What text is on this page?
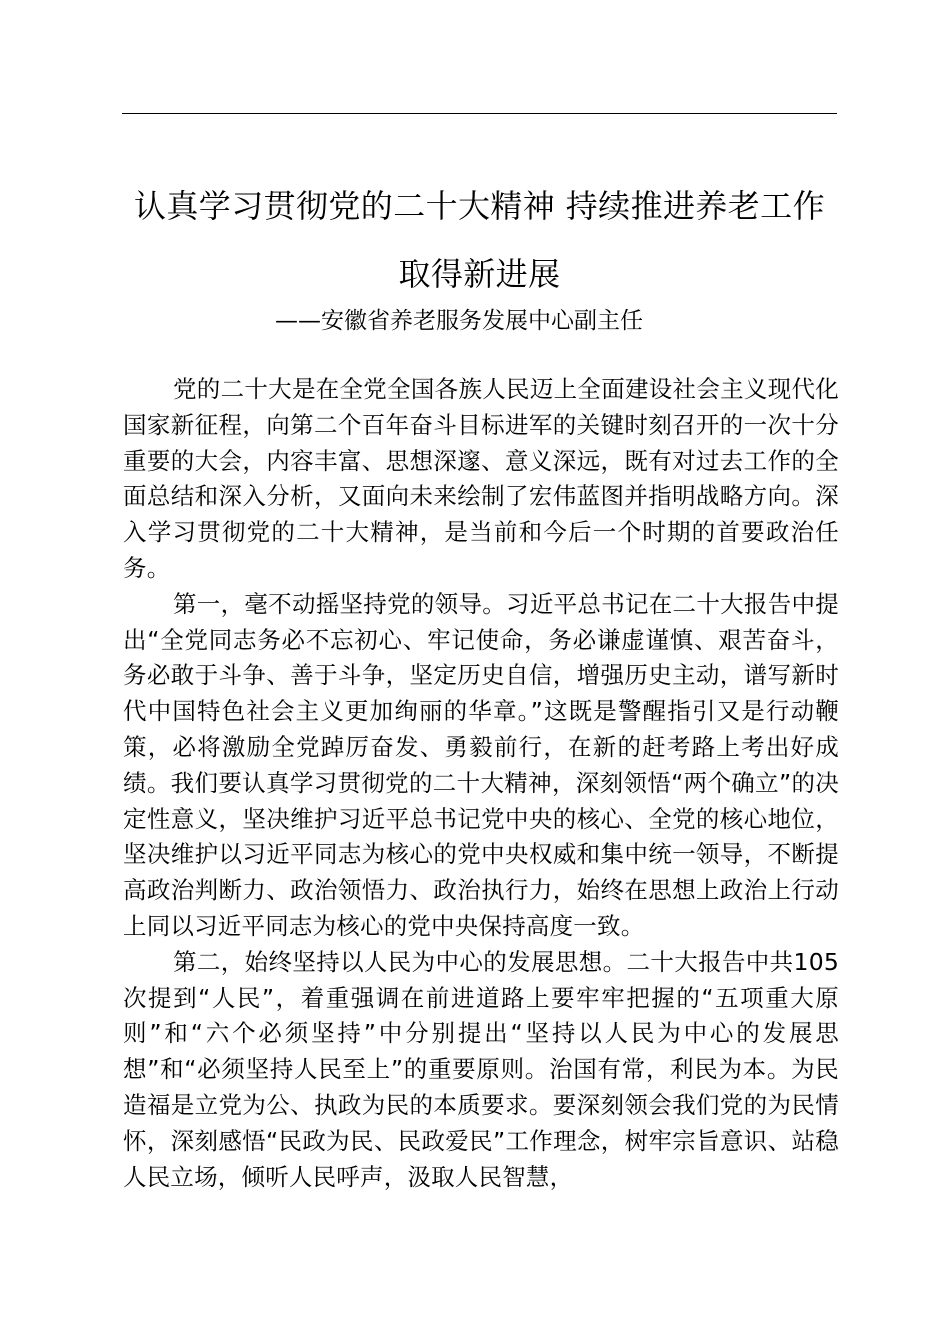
认真学习贯彻党的二十大精神 持续推进养老工作取得新进展

——安徽省养老服务发展中心副主任

党的二十大是在全党全国各族人民迈上全面建设社会主义现代化国家新征程，向第二个百年奋斗目标进军的关键时刻召开的一次十分重要的大会，内容丰富、思想深邃、意义深远，既有对过去工作的全面总结和深入分析，又面向未来绘制了宏伟蓝图并指明战略方向。深入学习贯彻党的二十大精神，是当前和今后一个时期的首要政治任务。

第一，毫不动摇坚持党的领导。习近平总书记在二十大报告中提出“全党同志务必不忘初心、牢记使命，务必谦虚谨慎、艰苦奋斗，务必敢于斗争、善于斗争，坚定历史自信，增强历史主动，谱写新时代中国特色社会主义更加绚丽的华章。”这既是警醒指引又是行动鞭策，必将激励全党踔厉奋发、勇毅前行，在新的赶考路上考出好成绩。我们要认真学习贯彻党的二十大精神，深刻领悟“两个确立”的决定性意义，坚决维护习近平总书记党中央的核心、全党的核心地位，坚决维护以习近平同志为核心的党中央权威和集中统一领导，不断提高政治判断力、政治领悟力、政治执行力，始终在思想上政治上行动上同以习近平同志为核心的党中央保持高度一致。

第二，始终坚持以人民为中心的发展思想。二十大报告中共105次提到“人民”，着重强调在前进道路上要牢牢把握的“五项重大原则”和“六个必须坚持”中分别提出“坚持以人民为中心的发展思想”和“必须坚持人民至上”的重要原则。治国有常，利民为本。为民造福是立党为公、执政为民的本质要求。要深刻领会我们党的为民情怀，深刻感悟“民政为民、民政爱民”工作理念，树牢宗旨意识、站稳人民立场，倾听人民呼声，汲取人民智慧，
